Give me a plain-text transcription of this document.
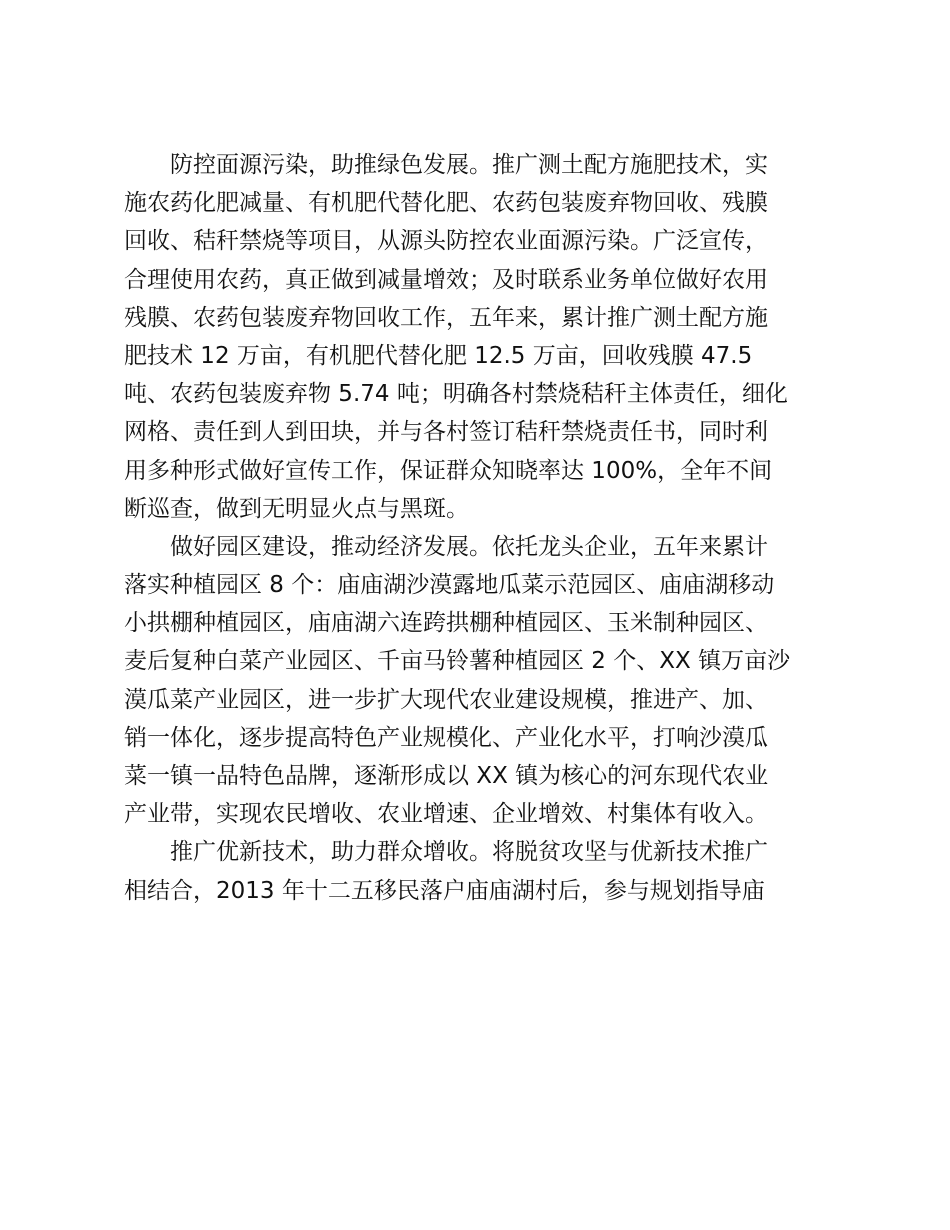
　　防控面源污染，助推绿色发展。推广测土配方施肥技术，实
施农药化肥减量、有机肥代替化肥、农药包装废弃物回收、残膜
回收、秸秆禁烧等项目，从源头防控农业面源污染。广泛宣传，
合理使用农药，真正做到减量增效；及时联系业务单位做好农用
残膜、农药包装废弃物回收工作，五年来，累计推广测土配方施
肥技术 12 万亩，有机肥代替化肥 12.5 万亩，回收残膜 47.5
吨、农药包装废弃物 5.74 吨；明确各村禁烧秸秆主体责任，细化
网格、责任到人到田块，并与各村签订秸秆禁烧责任书，同时利
用多种形式做好宣传工作，保证群众知晓率达 100%，全年不间
断巡查，做到无明显火点与黑斑。
　　做好园区建设，推动经济发展。依托龙头企业，五年来累计
落实种植园区 8 个：庙庙湖沙漠露地瓜菜示范园区、庙庙湖移动
小拱棚种植园区，庙庙湖六连跨拱棚种植园区、玉米制种园区、
麦后复种白菜产业园区、千亩马铃薯种植园区 2 个、XX 镇万亩沙
漠瓜菜产业园区，进一步扩大现代农业建设规模，推进产、加、
销一体化，逐步提高特色产业规模化、产业化水平，打响沙漠瓜
菜一镇一品特色品牌，逐渐形成以 XX 镇为核心的河东现代农业
产业带，实现农民增收、农业增速、企业增效、村集体有收入。
　　推广优新技术，助力群众增收。将脱贫攻坚与优新技术推广
相结合，2013 年十二五移民落户庙庙湖村后，参与规划指导庙
